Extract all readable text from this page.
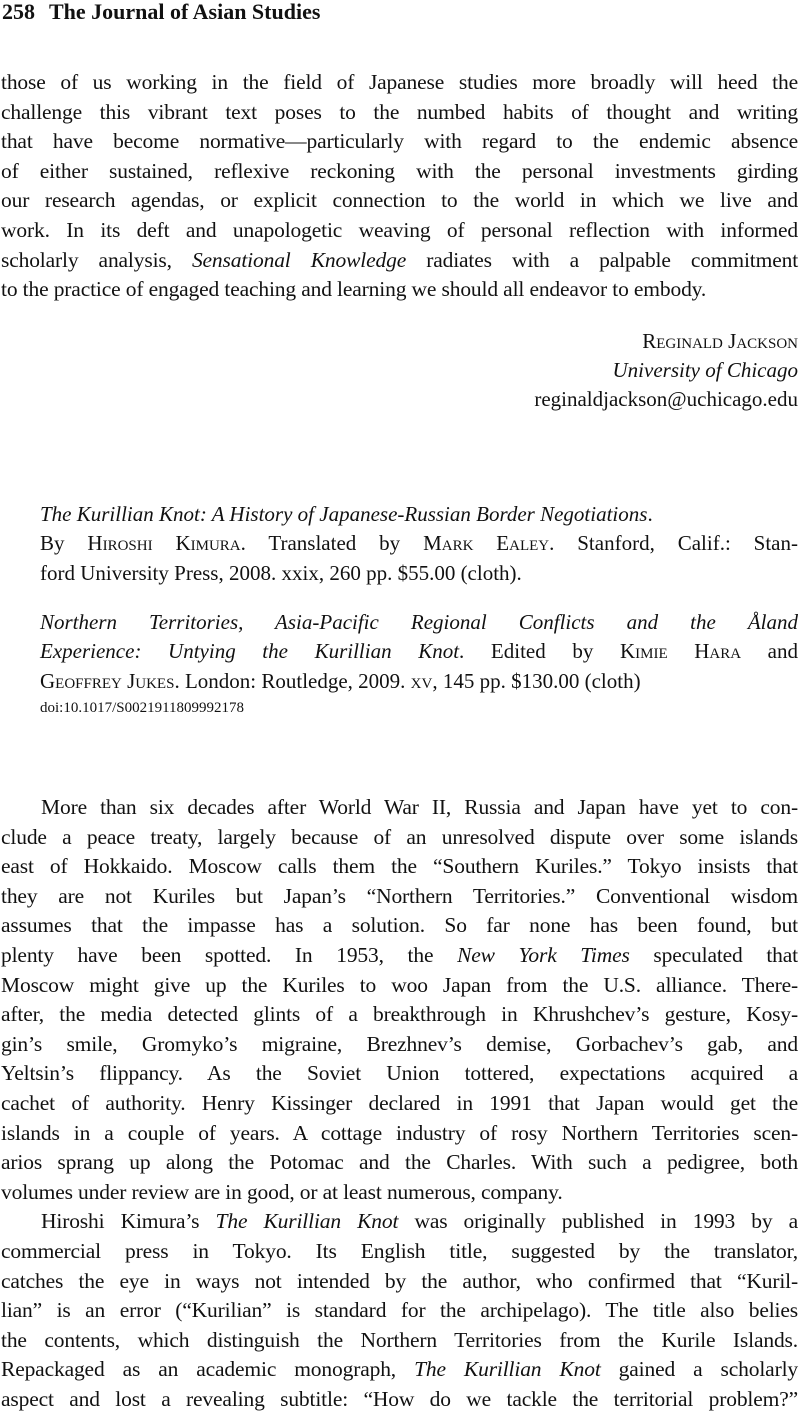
258 The Journal of Asian Studies
those of us working in the field of Japanese studies more broadly will heed the
challenge this vibrant text poses to the numbed habits of thought and writing
that have become normative—particularly with regard to the endemic absence
of either sustained, reflexive reckoning with the personal investments girding
our research agendas, or explicit connection to the world in which we live and
work. In its deft and unapologetic weaving of personal reflection with informed
scholarly analysis, Sensational Knowledge radiates with a palpable commitment
to the practice of engaged teaching and learning we should all endeavor to embody.
Reginald Jackson
University of Chicago
reginaldjackson@uchicago.edu
The Kurillian Knot: A History of Japanese-Russian Border Negotiations.
By Hiroshi Kimura. Translated by Mark Ealey. Stanford, Calif.: Stan-
ford University Press, 2008. xxix, 260 pp. $55.00 (cloth).
Northern Territories, Asia-Pacific Regional Conflicts and the Åland
Experience: Untying the Kurillian Knot. Edited by Kimie Hara and
Geoffrey Jukes. London: Routledge, 2009. xv, 145 pp. $130.00 (cloth)
doi:10.1017/S0021911809992178
More than six decades after World War II, Russia and Japan have yet to con-
clude a peace treaty, largely because of an unresolved dispute over some islands
east of Hokkaido. Moscow calls them the “Southern Kuriles.” Tokyo insists that
they are not Kuriles but Japan’s “Northern Territories.” Conventional wisdom
assumes that the impasse has a solution. So far none has been found, but
plenty have been spotted. In 1953, the New York Times speculated that
Moscow might give up the Kuriles to woo Japan from the U.S. alliance. There-
after, the media detected glints of a breakthrough in Khrushchev’s gesture, Kosy-
gin’s smile, Gromyko’s migraine, Brezhnev’s demise, Gorbachev’s gab, and
Yeltsin’s flippancy. As the Soviet Union tottered, expectations acquired a
cachet of authority. Henry Kissinger declared in 1991 that Japan would get the
islands in a couple of years. A cottage industry of rosy Northern Territories scen-
arios sprang up along the Potomac and the Charles. With such a pedigree, both
volumes under review are in good, or at least numerous, company.
Hiroshi Kimura’s The Kurillian Knot was originally published in 1993 by a
commercial press in Tokyo. Its English title, suggested by the translator,
catches the eye in ways not intended by the author, who confirmed that “Kuril-
lian” is an error (“Kurilian” is standard for the archipelago). The title also belies
the contents, which distinguish the Northern Territories from the Kurile Islands.
Repackaged as an academic monograph, The Kurillian Knot gained a scholarly
aspect and lost a revealing subtitle: “How do we tackle the territorial problem?”
